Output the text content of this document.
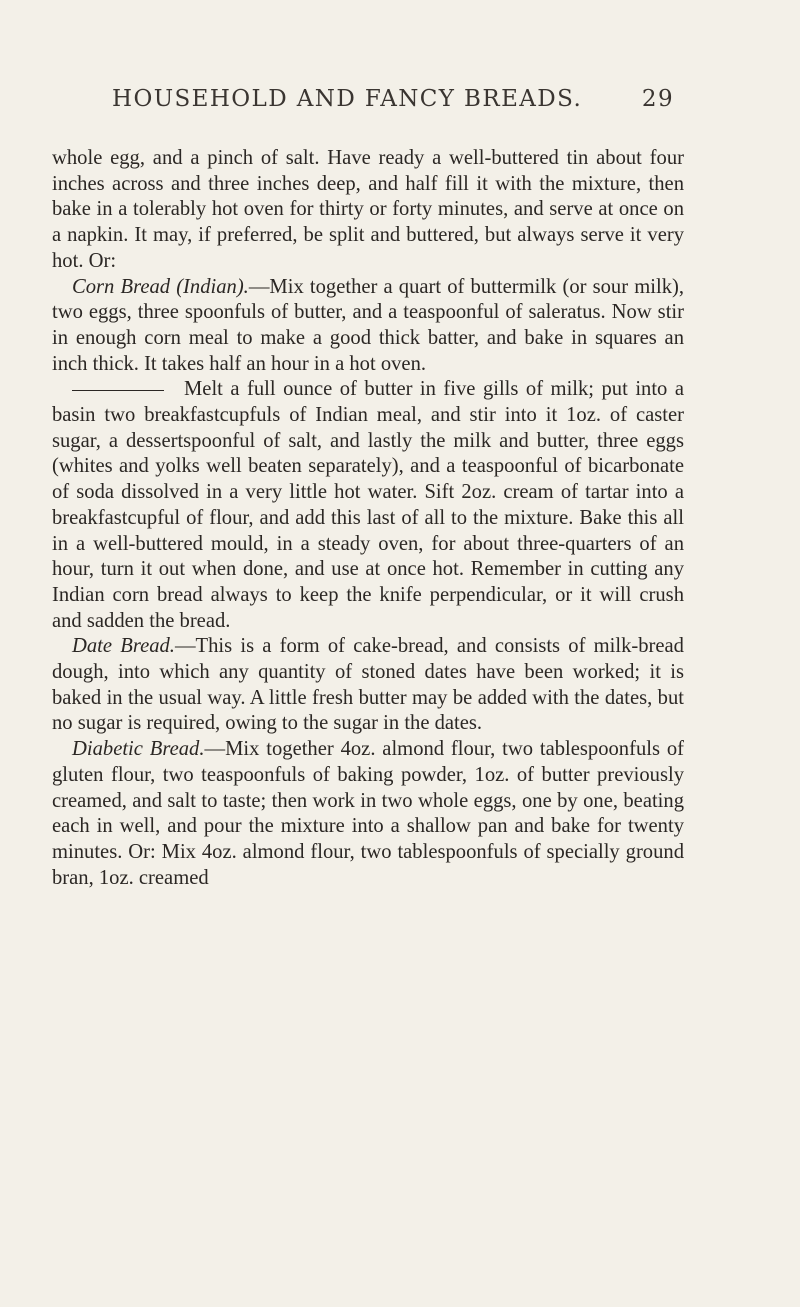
HOUSEHOLD AND FANCY BREADS.	29

whole egg, and a pinch of salt. Have ready a well-buttered tin about four inches across and three inches deep, and half fill it with the mixture, then bake in a tolerably hot oven for thirty or forty minutes, and serve at once on a napkin. It may, if preferred, be split and buttered, but always serve it very hot. Or:

Corn Bread (Indian).—Mix together a quart of buttermilk (or sour milk), two eggs, three spoonfuls of butter, and a teaspoonful of saleratus. Now stir in enough corn meal to make a good thick batter, and bake in squares an inch thick. It takes half an hour in a hot oven.

Melt a full ounce of butter in five gills of milk; put into a basin two breakfastcupfuls of Indian meal, and stir into it 1oz. of caster sugar, a dessertspoonful of salt, and lastly the milk and butter, three eggs (whites and yolks well beaten separately), and a teaspoonful of bicarbonate of soda dissolved in a very little hot water. Sift 2oz. cream of tartar into a breakfastcupful of flour, and add this last of all to the mixture. Bake this all in a well-buttered mould, in a steady oven, for about three-quarters of an hour, turn it out when done, and use at once hot. Remember in cutting any Indian corn bread always to keep the knife perpendicular, or it will crush and sadden the bread.

Date Bread.—This is a form of cake-bread, and consists of milk-bread dough, into which any quantity of stoned dates have been worked; it is baked in the usual way. A little fresh butter may be added with the dates, but no sugar is required, owing to the sugar in the dates.

Diabetic Bread.—Mix together 4oz. almond flour, two tablespoonfuls of gluten flour, two teaspoonfuls of baking powder, 1oz. of butter previously creamed, and salt to taste; then work in two whole eggs, one by one, beating each in well, and pour the mixture into a shallow pan and bake for twenty minutes. Or: Mix 4oz. almond flour, two tablespoonfuls of specially ground bran, 1oz. creamed
